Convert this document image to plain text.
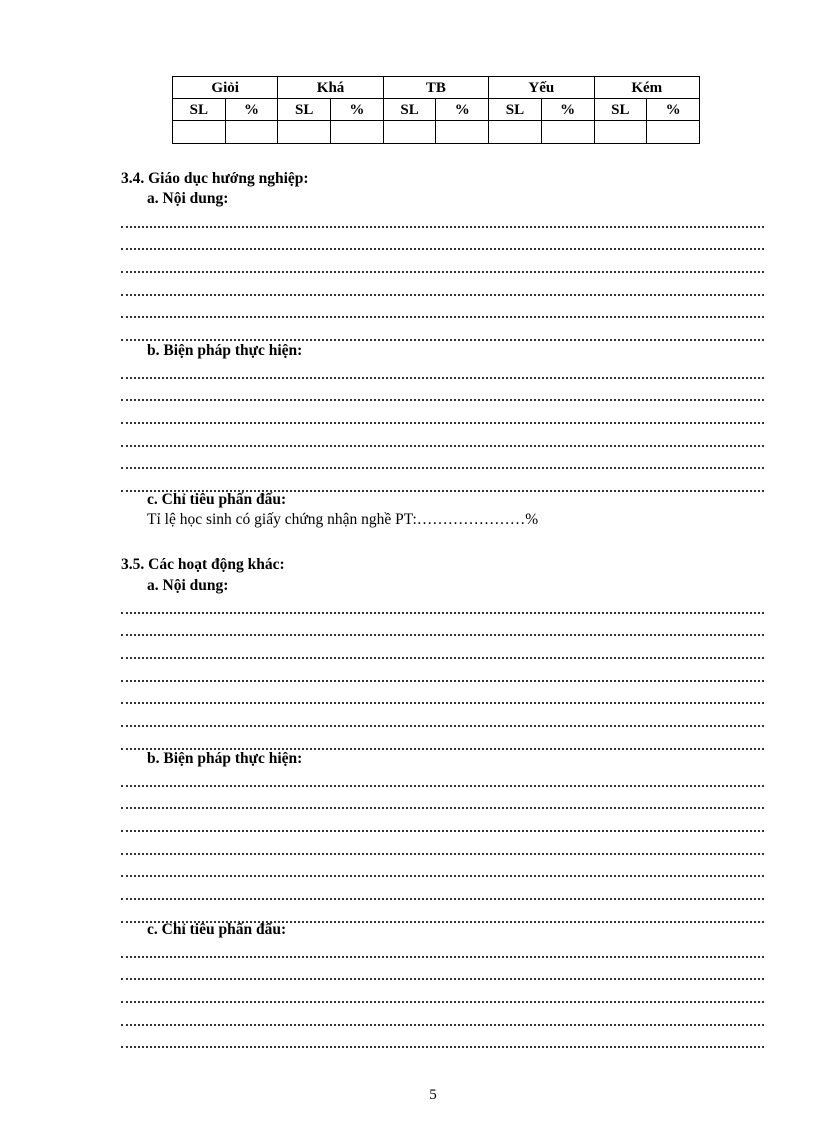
Giỏi		Khá		TB		Yếu		Kém	
SL	%	SL	%	SL	%	SL	%	SL	%

3.4. Giáo dục hướng nghiệp:
a. Nội dung:
b. Biện pháp thực hiện:
c. Chỉ tiêu phấn đấu:
Tỉ lệ học sinh có giấy chứng nhận nghề PT:…………………%
3.5. Các hoạt động khác:
a. Nội dung:
b. Biện pháp thực hiện:
c. Chỉ tiêu phấn đấu:
5
